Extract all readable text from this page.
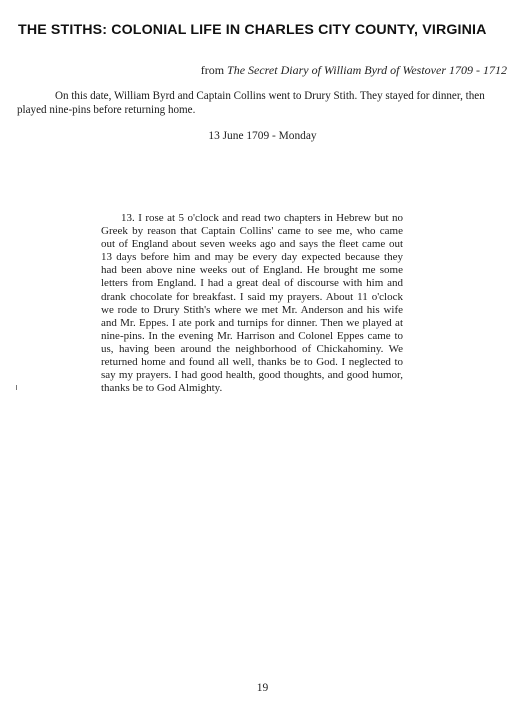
THE STITHS: COLONIAL LIFE IN CHARLES CITY COUNTY, VIRGINIA
from The Secret Diary of William Byrd of Westover 1709 - 1712
On this date, William Byrd and Captain Collins went to Drury Stith. They stayed for dinner, then played nine-pins before returning home.
13 June 1709 - Monday
13. I rose at 5 o'clock and read two chapters in Hebrew but no Greek by reason that Captain Collins' came to see me, who came out of England about seven weeks ago and says the fleet came out 13 days before him and may be every day expected because they had been above nine weeks out of England. He brought me some letters from England. I had a great deal of discourse with him and drank chocolate for breakfast. I said my prayers. About 11 o'clock we rode to Drury Stith's where we met Mr. Anderson and his wife and Mr. Eppes. I ate pork and turnips for dinner. Then we played at nine-pins. In the evening Mr. Harrison and Colonel Eppes came to us, having been around the neighborhood of Chickahominy. We returned home and found all well, thanks be to God. I neglected to say my prayers. I had good health, good thoughts, and good humor, thanks be to God Almighty.
19
